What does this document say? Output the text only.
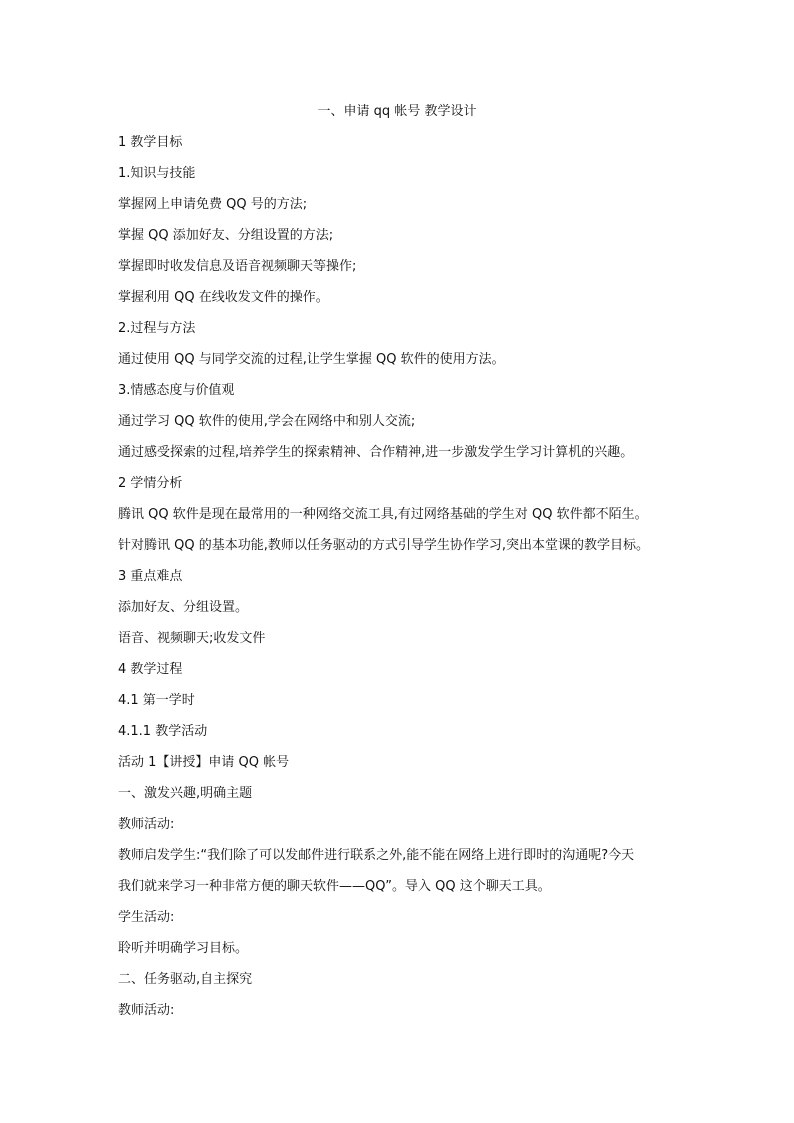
一、申请 qq 帐号 教学设计
1 教学目标
1.知识与技能
掌握网上申请免费 QQ 号的方法;
掌握 QQ 添加好友、分组设置的方法;
掌握即时收发信息及语音视频聊天等操作;
掌握利用 QQ 在线收发文件的操作。
2.过程与方法
通过使用 QQ 与同学交流的过程,让学生掌握 QQ 软件的使用方法。
3.情感态度与价值观
通过学习 QQ 软件的使用,学会在网络中和别人交流;
通过感受探索的过程,培养学生的探索精神、合作精神,进一步激发学生学习计算机的兴趣。
2 学情分析
腾讯 QQ 软件是现在最常用的一种网络交流工具,有过网络基础的学生对 QQ 软件都不陌生。
针对腾讯 QQ 的基本功能,教师以任务驱动的方式引导学生协作学习,突出本堂课的教学目标。
3 重点难点
添加好友、分组设置。
语音、视频聊天;收发文件
4 教学过程
4.1 第一学时
4.1.1 教学活动
活动 1【讲授】申请 QQ 帐号
一、激发兴趣,明确主题
教师活动:
教师启发学生:“我们除了可以发邮件进行联系之外,能不能在网络上进行即时的沟通呢?今天
我们就来学习一种非常方便的聊天软件——QQ”。导入 QQ 这个聊天工具。
学生活动:
聆听并明确学习目标。
二、任务驱动,自主探究
教师活动:
